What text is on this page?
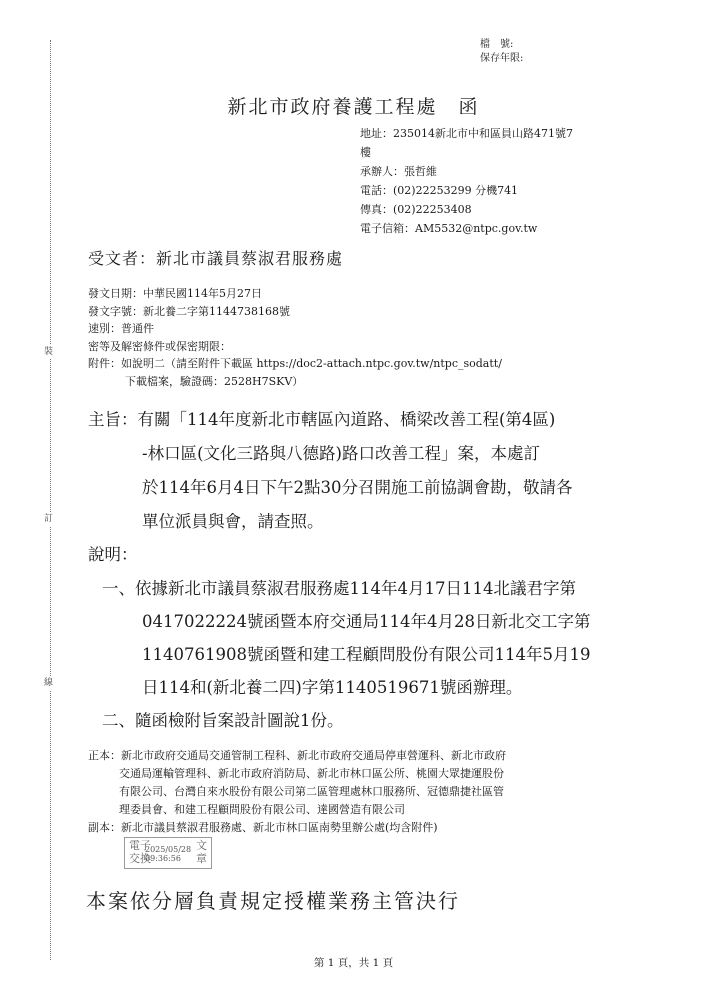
裝
訂
線
檔　號:
保存年限:
新北市政府養護工程處　函
地址：235014新北市中和區員山路471號7
樓
承辦人：張哲維
電話：(02)22253299 分機741
傳真：(02)22253408
電子信箱：AM5532@ntpc.gov.tw
受文者：新北市議員蔡淑君服務處
發文日期：中華民國114年5月27日
發文字號：新北養二字第1144738168號
速別：普通件
密等及解密條件或保密期限：
附件：如說明二（請至附件下載區 https://doc2-attach.ntpc.gov.tw/ntpc_sodatt/
下載檔案，驗證碼：2528H7SKV）
主旨：有關「114年度新北市轄區內道路、橋梁改善工程(第4區)
-林口區(文化三路與八德路)路口改善工程」案，本處訂
於114年6月4日下午2點30分召開施工前協調會勘，敬請各
單位派員與會，請查照。
說明：
一、依據新北市議員蔡淑君服務處114年4月17日114北議君字第
0417022224號函暨本府交通局114年4月28日新北交工字第
1140761908號函暨和建工程顧問股份有限公司114年5月19
日114和(新北養二四)字第1140519671號函辦理。
二、隨函檢附旨案設計圖說1份。
正本：新北市政府交通局交通管制工程科、新北市政府交通局停車營運科、新北市政府
交通局運輸管理科、新北市政府消防局、新北市林口區公所、桃園大眾捷運股份
有限公司、台灣自來水股份有限公司第二區管理處林口服務所、冠德鼎捷社區管
理委員會、和建工程顧問股份有限公司、達國營造有限公司
副本：新北市議員蔡淑君服務處、新北市林口區南勢里辦公處(均含附件)
電子
交換
2025/05/28
09:36:56
文
章
本案依分層負責規定授權業務主管決行
第 1 頁，共 1 頁
